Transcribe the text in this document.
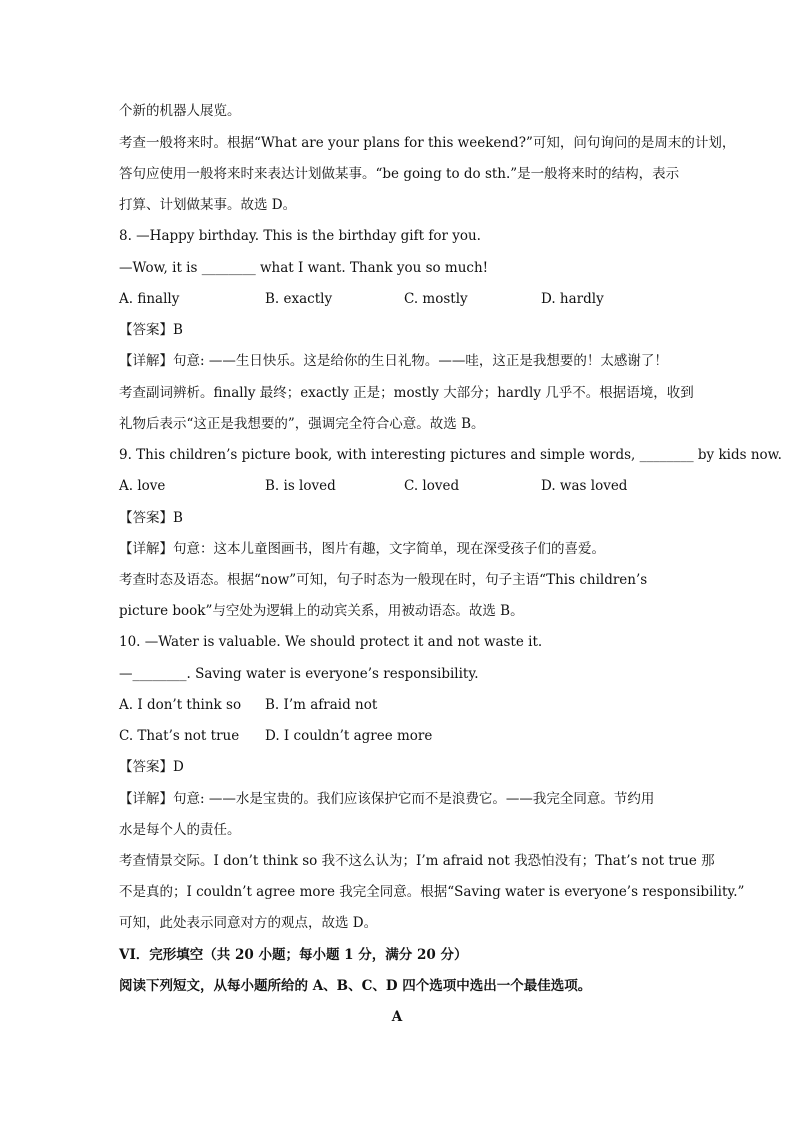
个新的机器人展览。
考查一般将来时。根据“What are your plans for this weekend?”可知，问句询问的是周末的计划，
答句应使用一般将来时来表达计划做某事。“be going to do sth.”是一般将来时的结构，表示
打算、计划做某事。故选 D。
8. —Happy birthday. This is the birthday gift for you.
—Wow, it is ________ what I want. Thank you so much!
A. finally	B. exactly	C. mostly	D. hardly
【答案】B
【详解】句意: ——生日快乐。这是给你的生日礼物。——哇，这正是我想要的！太感谢了！
考查副词辨析。finally 最终；exactly 正是；mostly 大部分；hardly 几乎不。根据语境，收到
礼物后表示“这正是我想要的”，强调完全符合心意。故选 B。
9. This children’s picture book, with interesting pictures and simple words, ________ by kids now.
A. love	B. is loved	C. loved	D. was loved
【答案】B
【详解】句意：这本儿童图画书，图片有趣，文字简单，现在深受孩子们的喜爱。
考查时态及语态。根据“now”可知，句子时态为一般现在时，句子主语“This children’s
picture book”与空处为逻辑上的动宾关系，用被动语态。故选 B。
10. —Water is valuable. We should protect it and not waste it.
—________. Saving water is everyone’s responsibility.
A. I don’t think so B. I’m afraid not
C. That’s not true D. I couldn’t agree more
【答案】D
【详解】句意: ——水是宝贵的。我们应该保护它而不是浪费它。——我完全同意。节约用
水是每个人的责任。
考查情景交际。I don’t think so 我不这么认为；I’m afraid not 我恐怕没有；That’s not true 那
不是真的；I couldn’t agree more 我完全同意。根据“Saving water is everyone’s responsibility.”
可知，此处表示同意对方的观点，故选 D。
VI．完形填空（共 20 小题；每小题 1 分，满分 20 分）
阅读下列短文，从每小题所给的 A、B、C、D 四个选项中选出一个最佳选项。
A
